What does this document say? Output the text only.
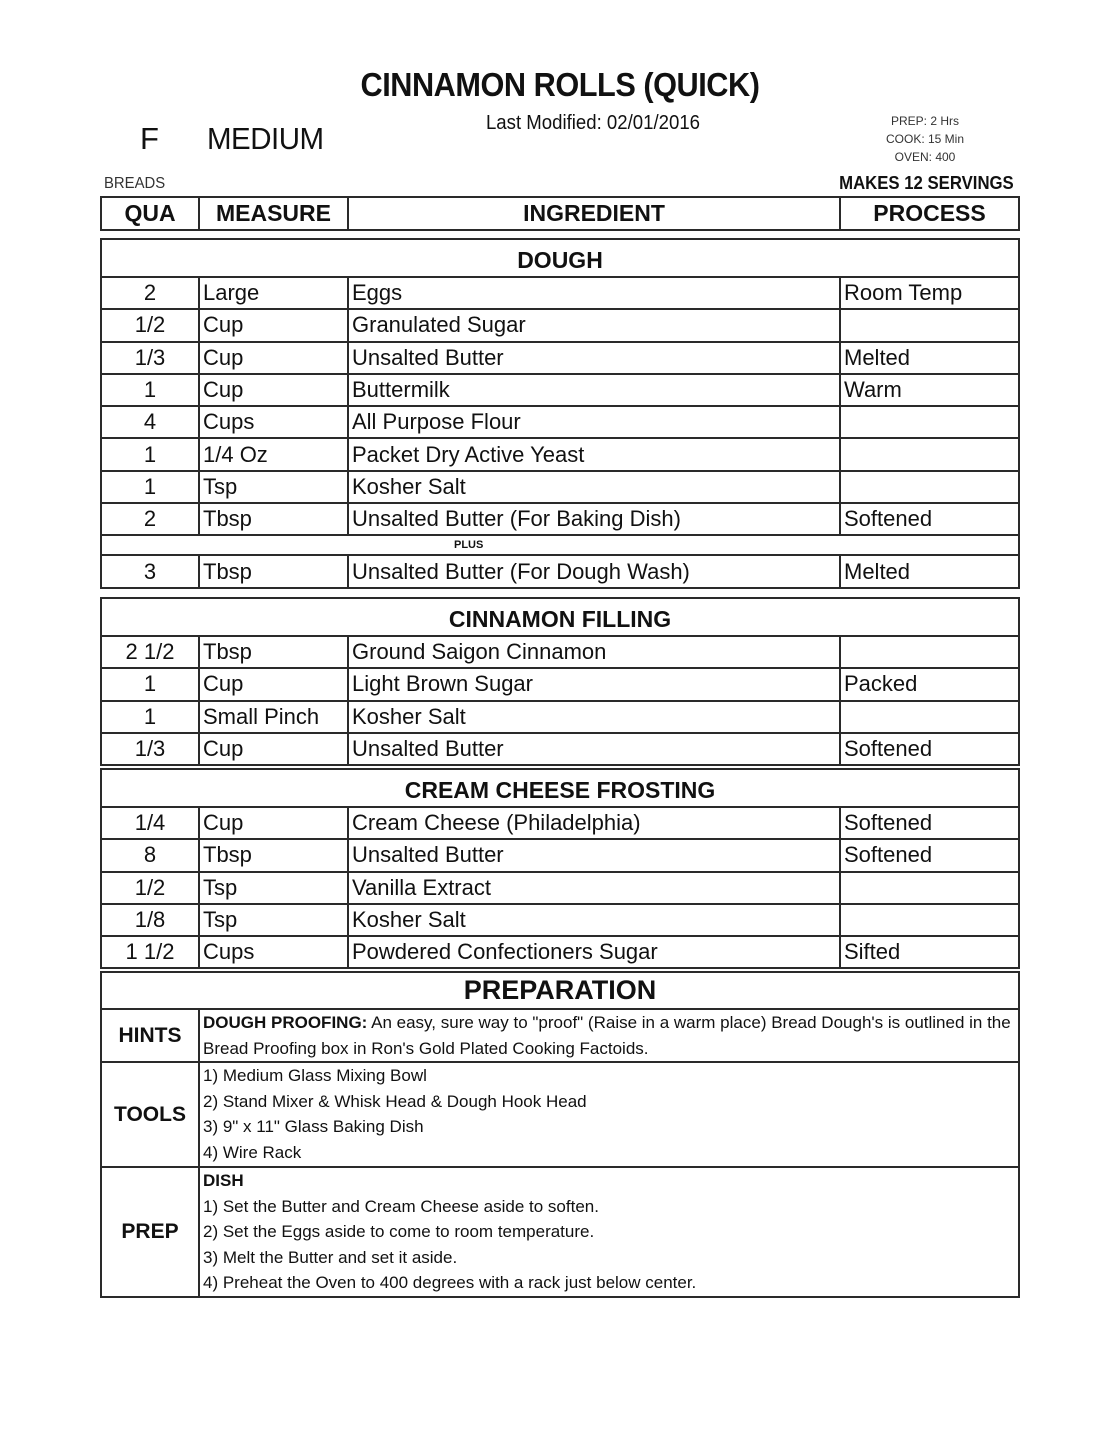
CINNAMON ROLLS (QUICK)
Last Modified: 02/01/2016
F MEDIUM	PREP: 2 Hrs
COOK: 15 Min
OVEN: 400
BREADS	MAKES 12 SERVINGS
QUA	MEASURE	INGREDIENT	PROCESS
DOUGH			
2	Large	Eggs	Room Temp
1/2	Cup	Granulated Sugar	
1/3	Cup	Unsalted Butter	Melted
1	Cup	Buttermilk	Warm
4	Cups	All Purpose Flour	
1	1/4 Oz	Packet Dry Active Yeast	
1	Tsp	Kosher Salt	
2	Tbsp	Unsalted Butter (For Baking Dish)	Softened
PLUS			
3	Tbsp	Unsalted Butter (For Dough Wash)	Melted
CINNAMON FILLING			
2 1/2	Tbsp	Ground Saigon Cinnamon	
1	Cup	Light Brown Sugar	Packed
1	Small Pinch	Kosher Salt	
1/3	Cup	Unsalted Butter	Softened
CREAM CHEESE FROSTING			
1/4	Cup	Cream Cheese (Philadelphia)	Softened
8	Tbsp	Unsalted Butter	Softened
1/2	Tsp	Vanilla Extract	
1/8	Tsp	Kosher Salt	
1 1/2	Cups	Powdered Confectioners Sugar	Sifted
PREPARATION	
HINTS	DOUGH PROOFING: An easy, sure way to "proof" (Raise in a warm place) Bread Dough's is outlined in the Bread Proofing box in Ron's Gold Plated Cooking Factoids.
TOOLS	1) Medium Glass Mixing Bowl
2) Stand Mixer & Whisk Head & Dough Hook Head
3) 9" x 11" Glass Baking Dish
4) Wire Rack

PREP	DISH
1) Set the Butter and Cream Cheese aside to soften.
2) Set the Eggs aside to come to room temperature.
3) Melt the Butter and set it aside.
4) Preheat the Oven to 400 degrees with a rack just below center.
